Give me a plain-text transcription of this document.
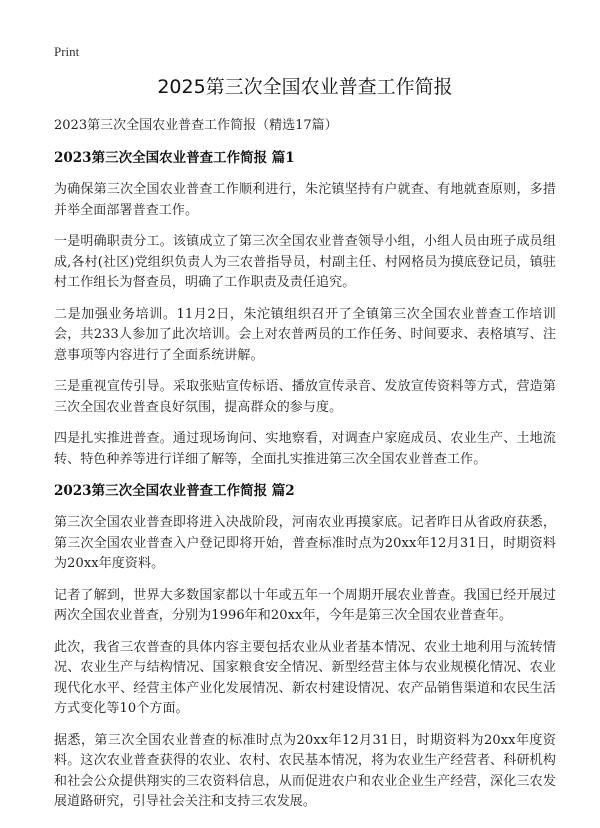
Print
2025第三次全国农业普查工作简报
2023第三次全国农业普查工作简报（精选17篇）
2023第三次全国农业普查工作简报 篇1

为确保第三次全国农业普查工作顺利进行，朱沱镇坚持有户就查、有地就查原则，多措并举全面部署普查工作。

一是明确职责分工。该镇成立了第三次全国农业普查领导小组，小组人员由班子成员组成,各村(社区)党组织负责人为三农普指导员，村副主任、村网格员为摸底登记员，镇驻村工作组长为督查员，明确了工作职责及责任追究。

二是加强业务培训。11月2日，朱沱镇组织召开了全镇第三次全国农业普查工作培训会，共233人参加了此次培训。会上对农普两员的工作任务、时间要求、表格填写、注意事项等内容进行了全面系统讲解。

三是重视宣传引导。采取张贴宣传标语、播放宣传录音、发放宣传资料等方式，营造第三次全国农业普查良好氛围，提高群众的参与度。

四是扎实推进普查。通过现场询问、实地察看，对调查户家庭成员、农业生产、土地流转、特色种养等进行详细了解等，全面扎实推进第三次全国农业普查工作。

2023第三次全国农业普查工作简报 篇2

第三次全国农业普查即将进入决战阶段，河南农业再摸家底。记者昨日从省政府获悉，第三次全国农业普查入户登记即将开始，普查标准时点为20xx年12月31日，时期资料为20xx年度资料。

记者了解到，世界大多数国家都以十年或五年一个周期开展农业普查。我国已经开展过两次全国农业普查，分别为1996年和20xx年，今年是第三次全国农业普查年。

此次，我省三农普查的具体内容主要包括农业从业者基本情况、农业土地利用与流转情况、农业生产与结构情况、国家粮食安全情况、新型经营主体与农业规模化情况、农业现代化水平、经营主体产业化发展情况、新农村建设情况、农产品销售渠道和农民生活方式变化等10个方面。

据悉，第三次全国农业普查的标准时点为20xx年12月31日，时期资料为20xx年度资料。这次农业普查获得的农业、农村、农民基本情况，将为农业生产经营者、科研机构和社会公众提供翔实的三农资料信息，从而促进农户和农业企业生产经营，深化三农发展道路研究，引导社会关注和支持三农发展。
